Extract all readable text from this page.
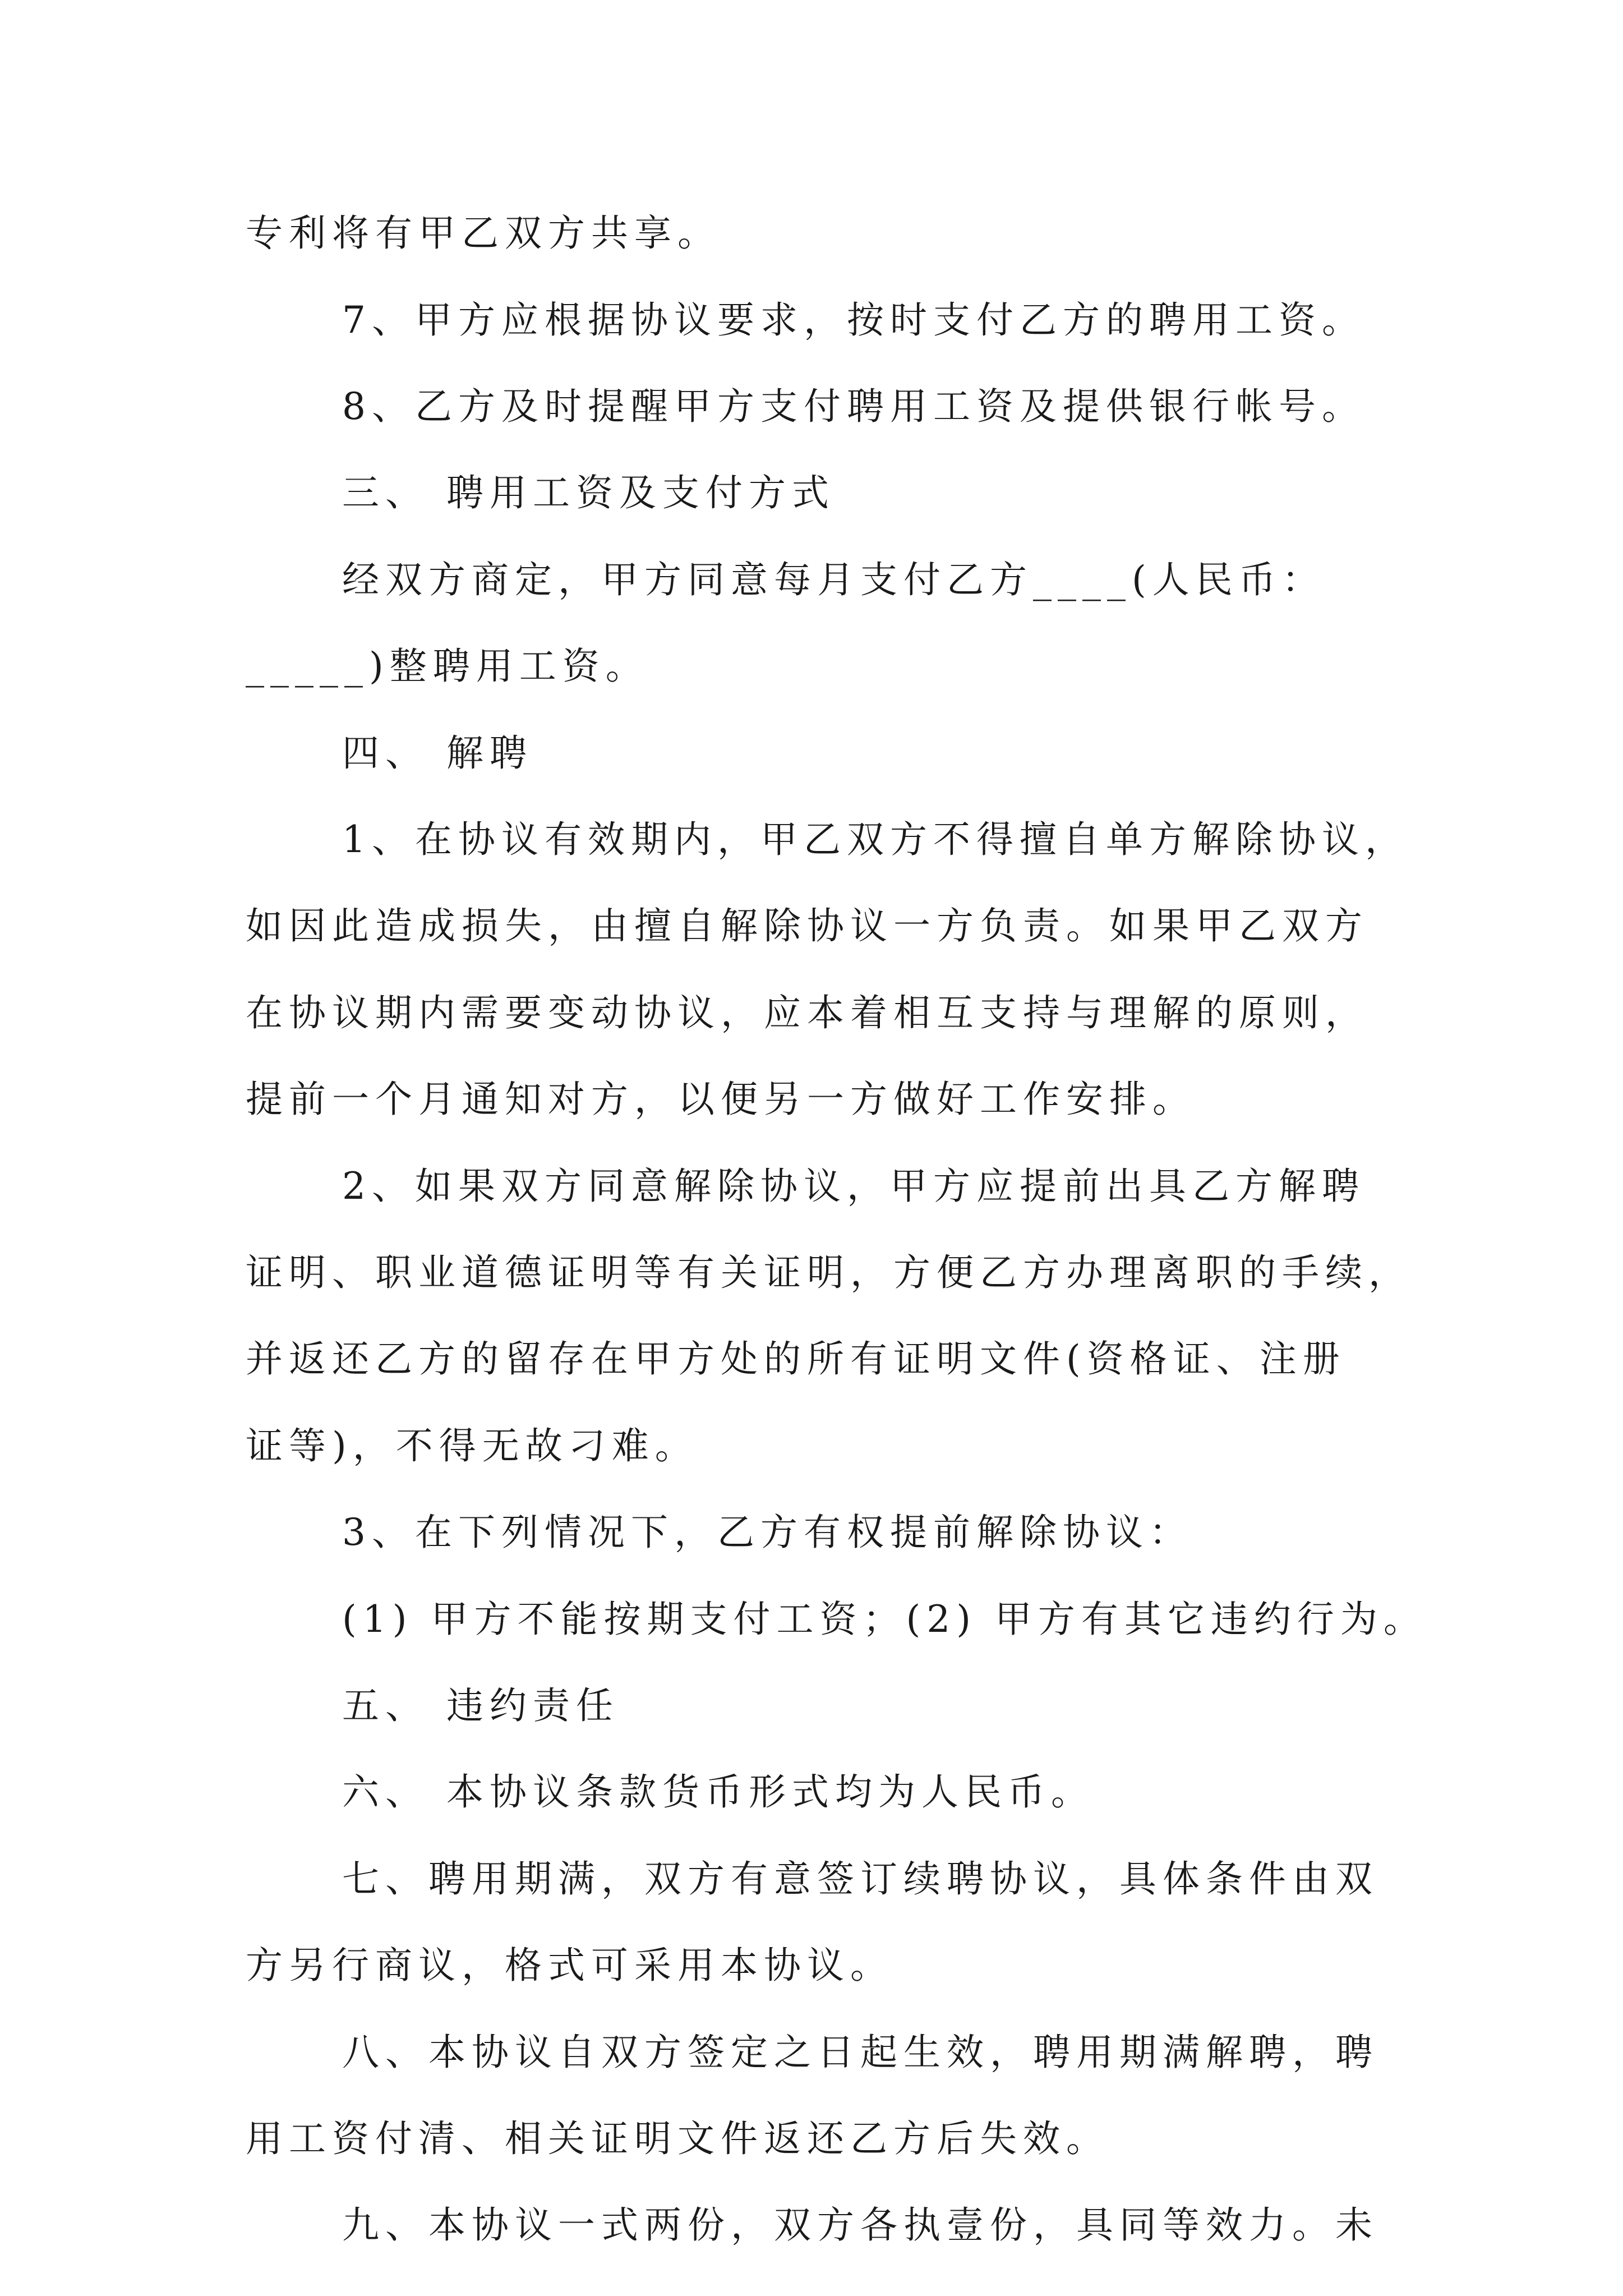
专利将有甲乙双方共享。
7、甲方应根据协议要求，按时支付乙方的聘用工资。
8、乙方及时提醒甲方支付聘用工资及提供银行帐号。
三、 聘用工资及支付方式
经双方商定，甲方同意每月支付乙方____(人民币：
_____)整聘用工资。
四、 解聘
1、在协议有效期内，甲乙双方不得擅自单方解除协议，
如因此造成损失，由擅自解除协议一方负责。如果甲乙双方
在协议期内需要变动协议，应本着相互支持与理解的原则，
提前一个月通知对方，以便另一方做好工作安排。
2、如果双方同意解除协议，甲方应提前出具乙方解聘
证明、职业道德证明等有关证明，方便乙方办理离职的手续，
并返还乙方的留存在甲方处的所有证明文件(资格证、注册
证等)，不得无故刁难。
3、在下列情况下，乙方有权提前解除协议：
(1) 甲方不能按期支付工资；(2) 甲方有其它违约行为。
五、 违约责任
六、 本协议条款货币形式均为人民币。
七、聘用期满，双方有意签订续聘协议，具体条件由双
方另行商议，格式可采用本协议。
八、本协议自双方签定之日起生效，聘用期满解聘，聘
用工资付清、相关证明文件返还乙方后失效。
九、本协议一式两份，双方各执壹份，具同等效力。未
